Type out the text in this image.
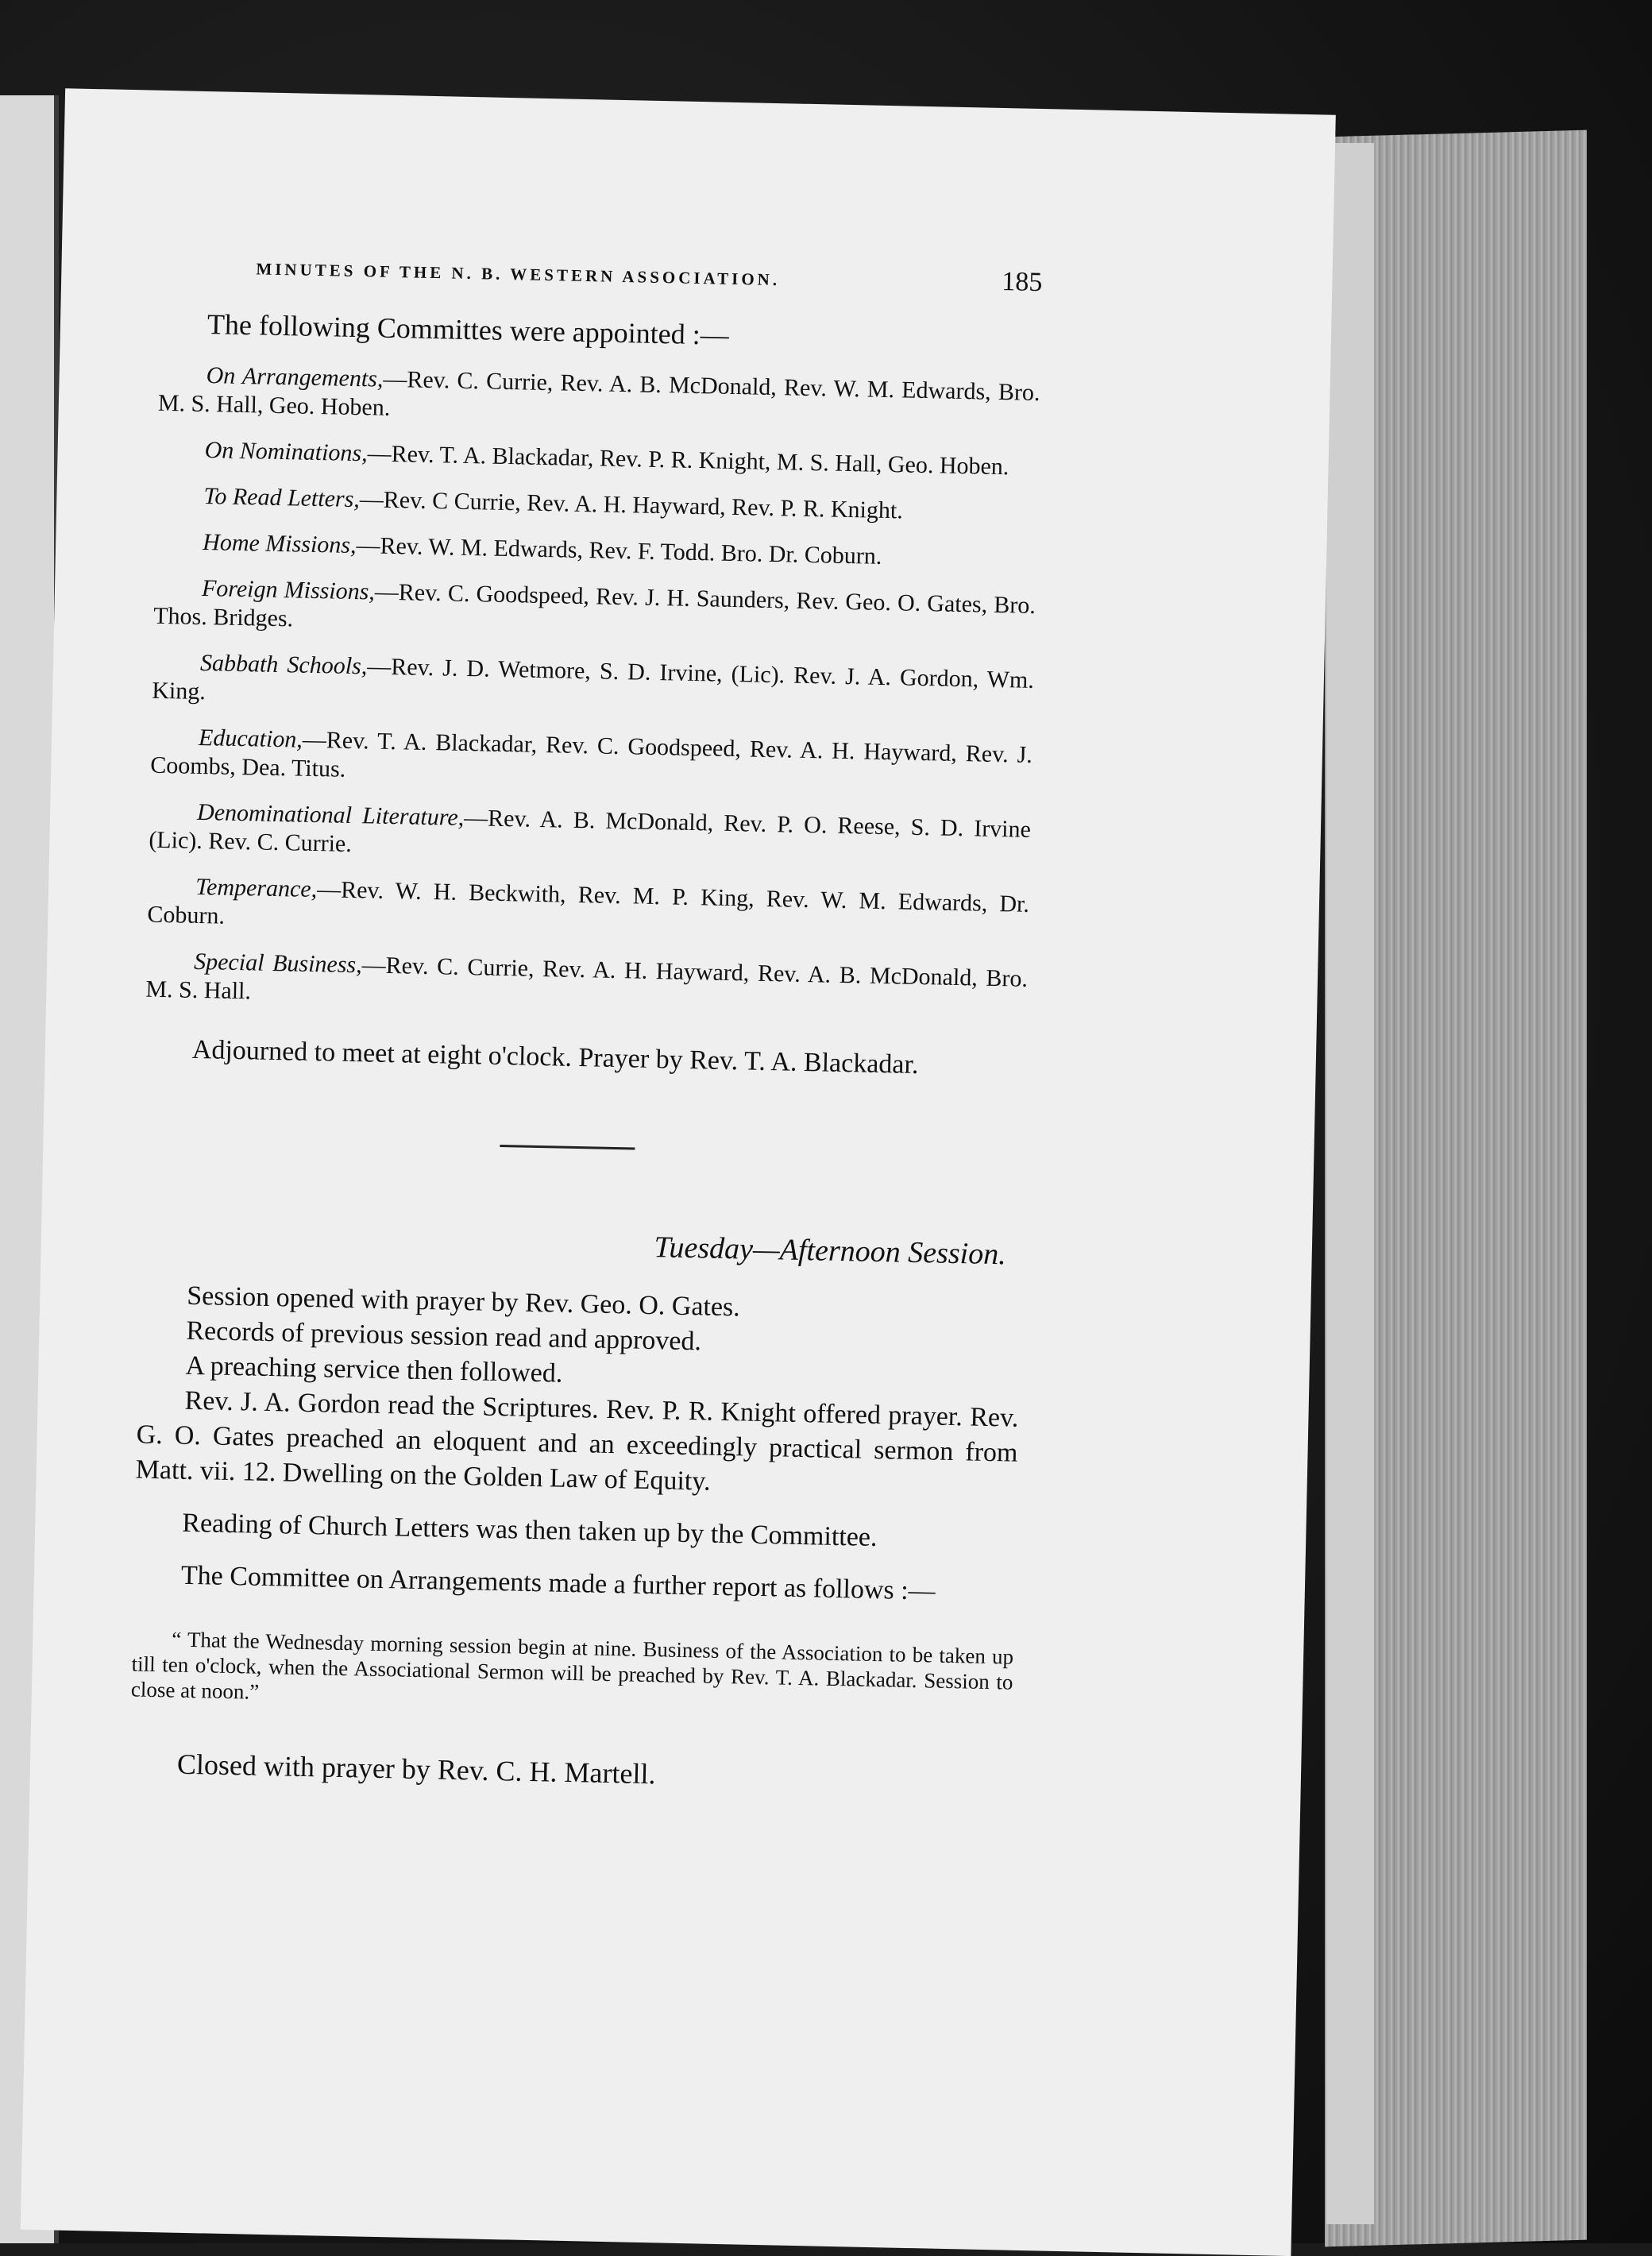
MINUTES OF THE N. B. WESTERN ASSOCIATION.	185

The following Committes were appointed :—

On Arrangements,—Rev. C. Currie, Rev. A. B. McDonald, Rev. W. M. Edwards, Bro. M. S. Hall, Geo. Hoben.

On Nominations,—Rev. T. A. Blackadar, Rev. P. R. Knight, M. S. Hall, Geo. Hoben.

To Read Letters,—Rev. C Currie, Rev. A. H. Hayward, Rev. P. R. Knight.

Home Missions,—Rev. W. M. Edwards, Rev. F. Todd. Bro. Dr. Coburn.

Foreign Missions,—Rev. C. Goodspeed, Rev. J. H. Saunders, Rev. Geo. O. Gates, Bro. Thos. Bridges.

Sabbath Schools,—Rev. J. D. Wetmore, S. D. Irvine, (Lic). Rev. J. A. Gordon, Wm. King.

Education,—Rev. T. A. Blackadar, Rev. C. Goodspeed, Rev. A. H. Hayward, Rev. J. Coombs, Dea. Titus.

Denominational Literature,—Rev. A. B. McDonald, Rev. P. O. Reese, S. D. Irvine (Lic). Rev. C. Currie.

Temperance,—Rev. W. H. Beckwith, Rev. M. P. King, Rev. W. M. Edwards, Dr. Coburn.

Special Business,—Rev. C. Currie, Rev. A. H. Hayward, Rev. A. B. McDonald, Bro. M. S. Hall.

Adjourned to meet at eight o'clock. Prayer by Rev. T. A. Blackadar.

Tuesday—Afternoon Session.

Session opened with prayer by Rev. Geo. O. Gates.

Records of previous session read and approved.

A preaching service then followed.

Rev. J. A. Gordon read the Scriptures. Rev. P. R. Knight offered prayer. Rev. G. O. Gates preached an eloquent and an exceedingly practical sermon from Matt. vii. 12. Dwelling on the Golden Law of Equity.

Reading of Church Letters was then taken up by the Committee.

The Committee on Arrangements made a further report as follows :—

“ That the Wednesday morning session begin at nine. Business of the Association to be taken up till ten o'clock, when the Associational Sermon will be preached by Rev. T. A. Blackadar. Session to close at noon.”

Closed with prayer by Rev. C. H. Martell.
